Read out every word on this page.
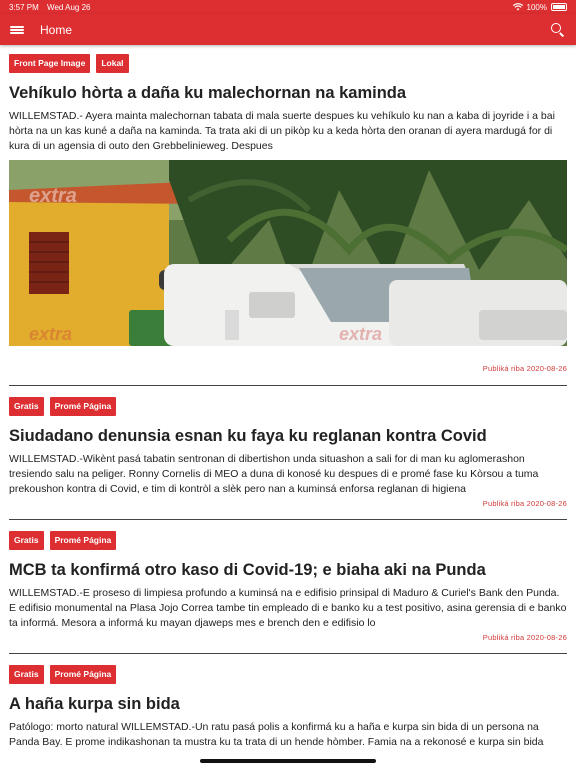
3:57 PM Wed Aug 26	100%
Home
Front Page Image	Lokal
Vehíkulo hòrta a daña ku malechornan na kaminda
WILLEMSTAD.- Ayera mainta malechornan tabata di mala suerte despues ku vehíkulo ku nan a kaba di joyride i a bai hòrta na un kas kuné a daña na kaminda. Ta trata aki di un pikòp ku a keda hòrta den oranan di ayera mardugá for di kura di un agensia di outo den Grebbelinieweg. Despues
extra
extra
extra
Publiká riba 2020-08-26
Gratis	Promé Página
Siudadano denunsia esnan ku faya ku reglanan kontra Covid
WILLEMSTAD.-Wikènt pasá tabatin sentronan di dibertishon unda situashon a sali for di man ku aglomerashon tresiendo salu na peliger. Ronny Cornelis di MEO a duna di konosé ku despues di e promé fase ku Kòrsou a tuma prekoushon kontra di Covid, e tim di kontròl a slèk pero nan a kuminsá enforsa reglanan di higiena
Publiká riba 2020-08-26
Gratis	Promé Página
MCB ta konfirmá otro kaso di Covid-19; e biaha aki na Punda
WILLEMSTAD.-E proseso di limpiesa profundo a kuminsá na e edifisio prinsipal di Maduro & Curiel's Bank den Punda. E edifisio monumental na Plasa Jojo Correa tambe tin empleado di e banko ku a test positivo, asina gerensia di e banko ta informá. Mesora a informá ku mayan djaweps mes e brench den e edifisio lo
Publiká riba 2020-08-26
Gratis	Promé Página
A haña kurpa sin bida
Patólogo: morto natural WILLEMSTAD.-Un ratu pasá polis a konfirmá ku a haña e kurpa sin bida di un persona na Panda Bay. E prome indikashonan ta mustra ku ta trata di un hende hòmber. Famia na a rekonosé e kurpa sin bida
